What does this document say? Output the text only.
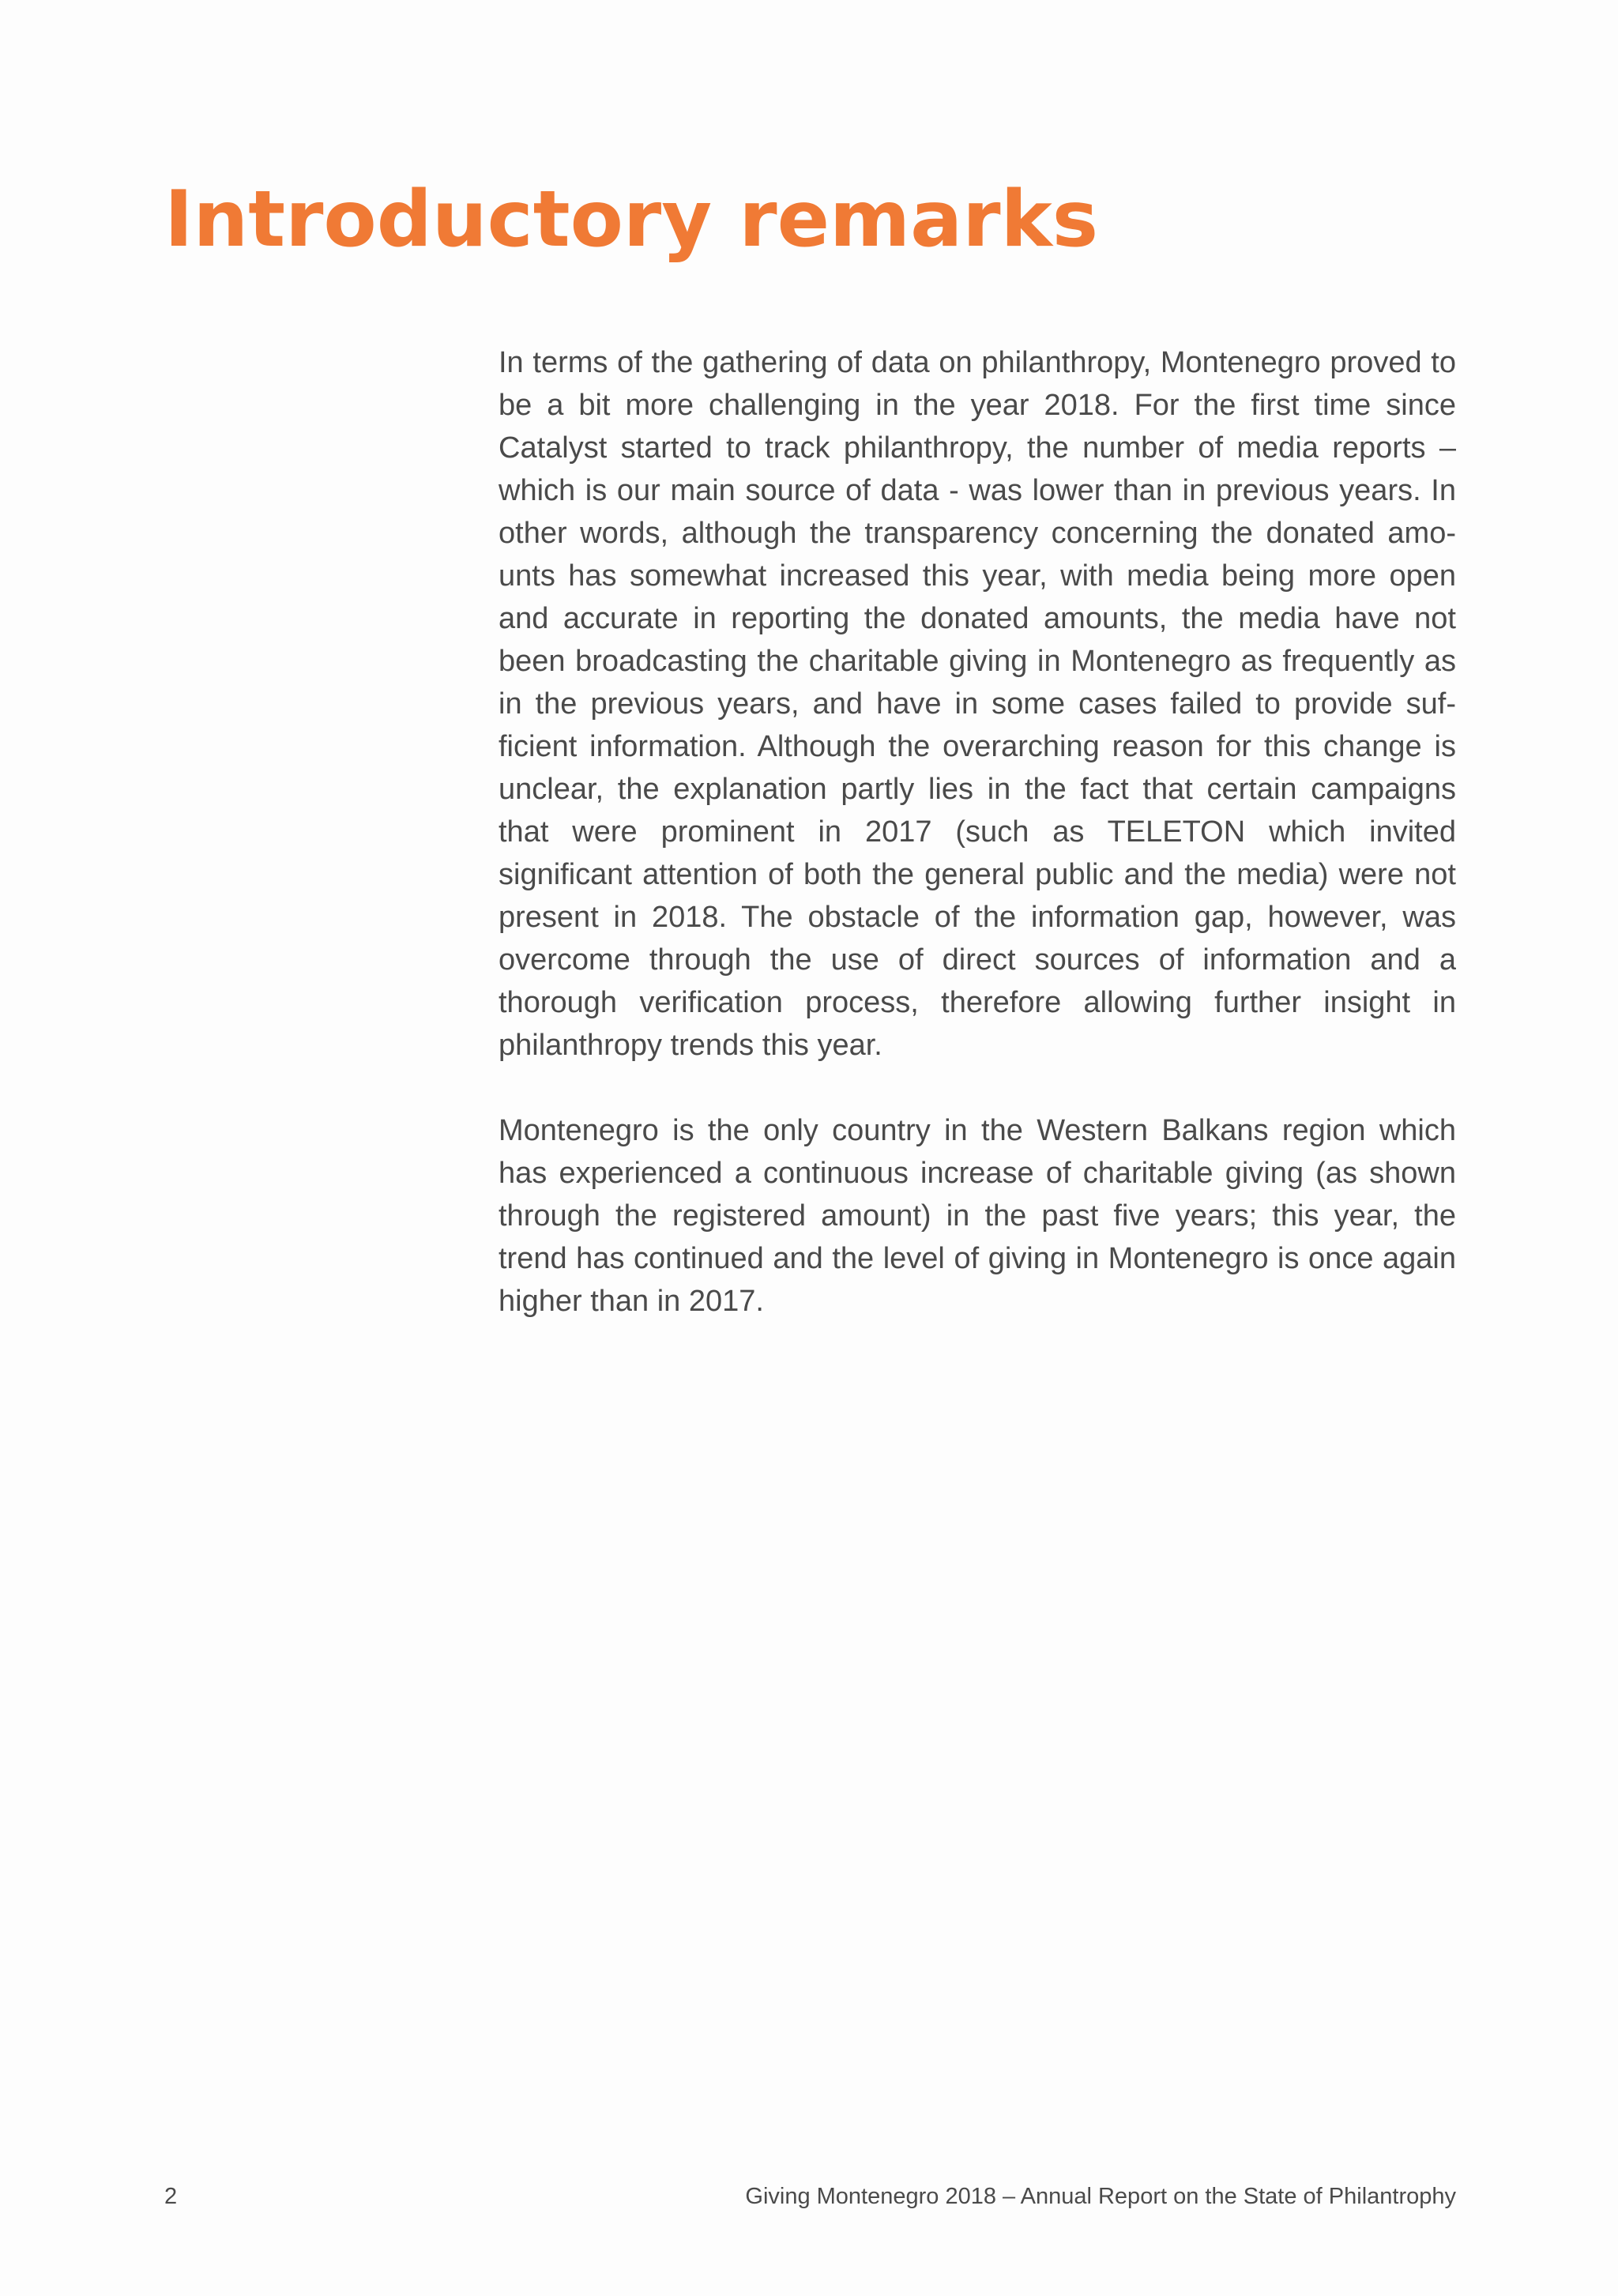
Introductory remarks

In terms of the gathering of data on philanthropy, Montenegro proved to be a bit more challenging in the year 2018. For the first time since Catalyst started to track philanthropy, the number of media reports – which is our main source of data - was lower than in previous years. In other words, although the transparency concerning the donated amounts has somewhat increased this year, with media being more open and accurate in reporting the donated amounts, the media have not been broadcasting the charitable giving in Montenegro as frequently as in the previous years, and have in some cases failed to provide sufficient information. Although the overarching reason for this change is unclear, the explanation partly lies in the fact that certain campaigns that were prominent in 2017 (such as TELETON which invited significant attention of both the general public and the media) were not present in 2018. The obstacle of the information gap, however, was overcome through the use of direct sources of information and a thorough verification process, therefore allowing further insight in philanthropy trends this year.

Montenegro is the only country in the Western Balkans region which has experienced a continuous increase of charitable giving (as shown through the registered amount) in the past five years; this year, the trend has continued and the level of giving in Montenegro is once again higher than in 2017.

2	Giving Montenegro 2018 – Annual Report on the State of Philantrophy
